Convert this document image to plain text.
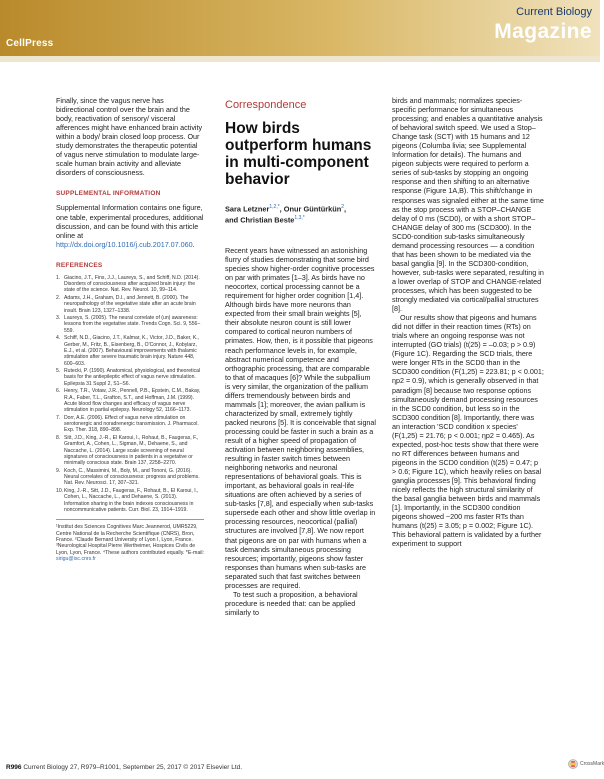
CellPress
Current Biology
Magazine

Finally, since the vagus nerve has bidirectional control over the brain and the body, reactivation of sensory/ visceral afferences might have enhanced brain activity within a body/ brain closed loop process. Our study demonstrates the therapeutic potential of vagus nerve stimulation to modulate large-scale human brain activity and alleviate disorders of consciousness.

SUPPLEMENTAL INFORMATION

Supplemental Information contains one figure, one table, experimental procedures, additional discussion, and can be found with this article online at http://dx.doi.org/10.1016/j.cub.2017.07.060.

REFERENCES
1. Giacino, J.T., Fins, J.J., Laureys, S., and Schiff, N.D. (2014). Disorders of consciousness after acquired brain injury: the state of the science. Nat. Rev. Neurol. 10, 99–114.
2. Adams, J.H., Graham, D.I., and Jennett, B. (2000). The neuropathology of the vegetative state after an acute brain insult. Brain 123, 1327–1338.
3. Laureys, S. (2005). The neural correlate of (un) awareness: lessons from the vegetative state. Trends Cogn. Sci. 9, 556–559.
4. Schiff, N.D., Giacino, J.T., Kalmar, K., Victor, J.D., Baker, K., Gerber, M., Fritz, B., Eisenberg, B., O'Connor, J., Kobylarz, E.J., et al. (2007). Behavioural improvements with thalamic stimulation after severe traumatic brain injury. Nature 448, 600–603.
5. Rutecki, P. (1990). Anatomical, physiological, and theoretical basis for the antiepileptic effect of vagus nerve stimulation. Epilepsia 31 Suppl 2, S1–S6.
6. Henry, T.R., Votaw, J.R., Pennell, P.B., Epstein, C.M., Bakay, R.A., Faber, T.L., Grafton, S.T., and Hoffman, J.M. (1999). Acute blood flow changes and efficacy of vagus nerve stimulation in partial epilepsy. Neurology 52, 1166–1173.
7. Dorr, A.E. (2006). Effect of vagus nerve stimulation on serotonergic and noradrenergic transmission. J. Pharmacol. Exp. Ther. 318, 890–898.
8. Sitt, J.D., King, J.-R., El Karoui, I., Rohaut, B., Faugeras, F., Gramfort, A., Cohen, L., Sigman, M., Dehaene, S., and Naccache, L. (2014). Large scale screening of neural signatures of consciousness in patients in a vegetative or minimally conscious state. Brain 137, 2258–2270.
9. Koch, C., Massimini, M., Boly, M., and Tononi, G. (2016). Neural correlates of consciousness: progress and problems. Nat. Rev. Neurosci. 17, 307–321.
10. King, J.-R., Sitt, J.D., Faugeras, F., Rohaut, B., El Karoui, I., Cohen, L., Naccache, L., and Dehaene, S. (2013). Information sharing in the brain indexes consciousness in noncommunicative patients. Curr. Biol. 23, 1914–1919.

¹Institut des Sciences Cognitives Marc Jeannerod, UMR5229, Centre National de la Recherche Scientifique (CNRS), Bron, France. ²Claude Bernard University of Lyon I, Lyon, France. ³Neurological Hospital Pierre Wertheimer, Hospices Civils de Lyon, Lyon, France. ⁴These authors contributed equally. *E-mail: sirigu@isc.cnrs.fr

Correspondence
How birds outperform humans in multi-component behavior
Sara Letzner$^{1,2,*}$, Onur Güntürkün$^2$,
and Christian Beste$^{1,3,*}$

Recent years have witnessed an astonishing flurry of studies demonstrating that some bird species show higher-order cognitive processes on par with primates [1–3]. As birds have no neocortex, cortical processing cannot be a requirement for higher order cognition [1,4]. Although birds have more neurons than expected from their small brain weights [5], their absolute neuron count is still lower compared to cortical neuron numbers of primates. How, then, is it possible that pigeons reach performance levels in, for example, abstract numerical competence and orthographic processing, that are comparable to that of macaques [6]? While the subpallium is very similar, the organization of the pallium differs tremendously between birds and mammals [1]; moreover, the avian pallium is characterized by small, extremely tightly packed neurons [5]. It is conceivable that signal processing could be faster in such a brain as a result of a higher speed of propagation of activation between neighboring assemblies, resulting in faster switch times between neighboring networks and neuronal representations of behavioral goals. This is important, as behavioral goals in real-life situations are often achieved by a series of sub-tasks [7,8], and especially when sub-tasks supersede each other and show little overlap in processing resources, neocortical (pallial) structures are involved [7,8]. We now report that pigeons are on par with humans when a task demands simultaneous processing resources; importantly, pigeons show faster responses than humans when sub-tasks are separated such that fast switches between processes are required.

To test such a proposition, a behavioral procedure is needed that: can be applied similarly to

birds and mammals; normalizes species-specific performance for simultaneous processing; and enables a quantitative analysis of behavioral switch speed. We used a Stop–Change task (SCT) with 15 humans and 12 pigeons (Columba livia; see Supplemental Information for details). The humans and pigeon subjects were required to perform a series of sub-tasks by stopping an ongoing response and then shifting to an alternative response (Figure 1A,B). This shift/change in responses was signaled either at the same time as the stop process with a STOP–CHANGE delay of 0 ms (SCD0), or with a short STOP–CHANGE delay of 300 ms (SCD300). In the SCD0-condition sub-tasks simultaneously demand processing resources — a condition that has been shown to be mediated via the basal ganglia [9]. In the SCD300-condition, however, sub-tasks were separated, resulting in a lower overlap of STOP and CHANGE-related processes, which has been suggested to be strongly mediated via cortical/pallial structures [8].

Our results show that pigeons and humans did not differ in their reaction times (RTs) on trials where an ongoing response was not interrupted (GO trials) (t(25) = –0.03; p > 0.9) (Figure 1C). Regarding the SCD trials, there were longer RTs in the SCD0 than in the SCD300 condition (F(1,25) = 223.81; p < 0.001; ηp2 = 0.9), which is generally observed in that paradigm [8] because two response options simultaneously demand processing resources in the SCD0 condition, but less so in the SCD300 condition [8]. Importantly, there was an interaction 'SCD condition x species' (F(1,25) = 21.76; p < 0.001; ηp2 = 0.465). As expected, post-hoc tests show that there were no RT differences between humans and pigeons in the SCD0 condition (t(25) = 0.47; p > 0.6; Figure 1C), which heavily relies on basal ganglia processes [9]. This behavioral finding nicely reflects the high structural similarity of the basal ganglia between birds and mammals [1]. Importantly, in the SCD300 condition pigeons showed ~200 ms faster RTs than humans (t(25) = 3.05; p = 0.002; Figure 1C). This behavioral pattern is validated by a further experiment to support

R996 Current Biology 27, R979–R1001, September 25, 2017 © 2017 Elsevier Ltd.	CrossMark
